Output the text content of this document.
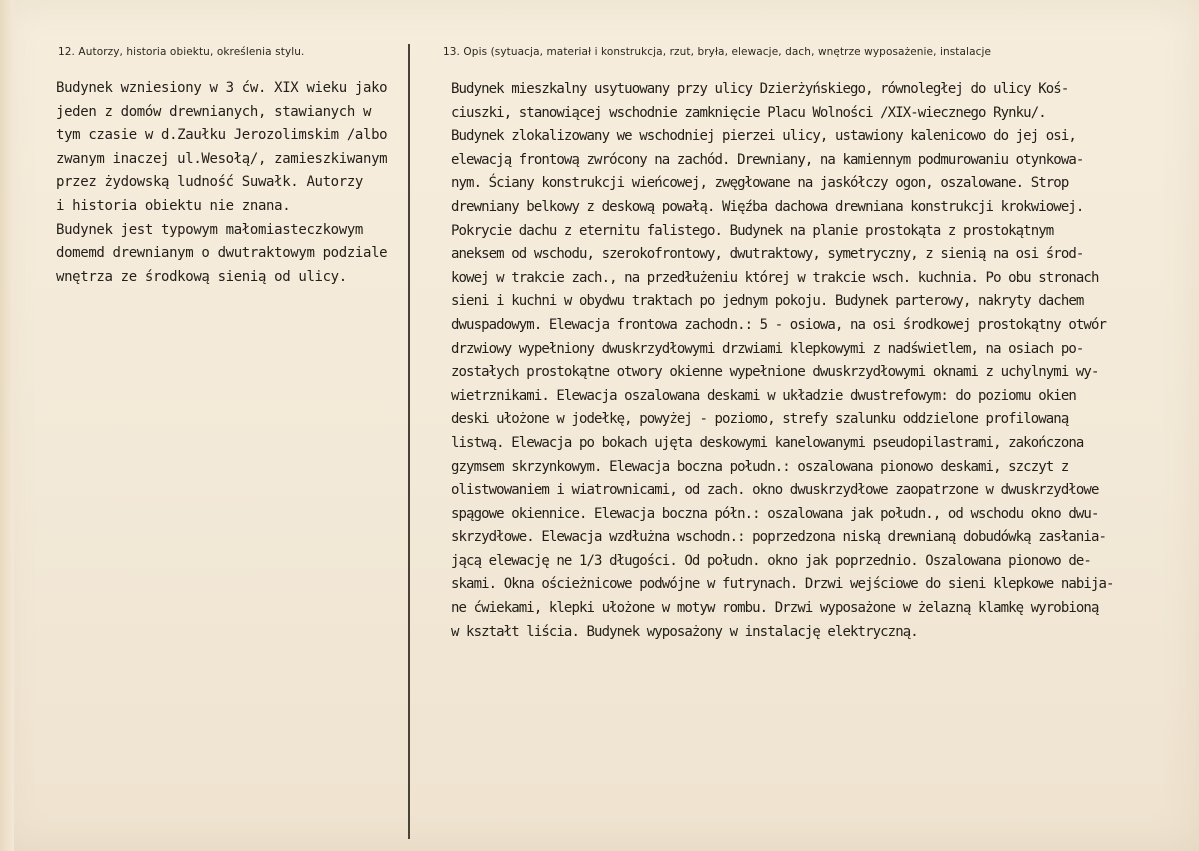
12. Autorzy, historia obiektu, określenia stylu.	13. Opis (sytuacja, materiał i konstrukcja, rzut, bryła, elewacje, dach, wnętrze wyposażenie, instalacje
Budynek wzniesiony w 3 ćw. XIX wieku jako
jeden z domów drewnianych, stawianych w
tym czasie w d.Zaułku Jerozolimskim /albo
zwanym inaczej ul.Wesołą/, zamieszkiwanym
przez żydowską ludność Suwałk. Autorzy
i historia obiektu nie znana.
Budynek jest typowym małomiasteczkowym
domemd drewnianym o dwutraktowym podziale
wnętrza ze środkową sienią od ulicy.
Budynek mieszkalny usytuowany przy ulicy Dzierżyńskiego, równoległej do ulicy Koś-
ciuszki, stanowiącej wschodnie zamknięcie Placu Wolności /XIX-wiecznego Rynku/.
Budynek zlokalizowany we wschodniej pierzei ulicy, ustawiony kalenicowo do jej osi,
elewacją frontową zwrócony na zachód. Drewniany, na kamiennym podmurowaniu otynkowa-
nym. Ściany konstrukcji wieńcowej, zwęgłowane na jaskółczy ogon, oszalowane. Strop
drewniany belkowy z deskową powałą. Więźba dachowa drewniana konstrukcji krokwiowej.
Pokrycie dachu z eternitu falistego. Budynek na planie prostokąta z prostokątnym
aneksem od wschodu, szerokofrontowy, dwutraktowy, symetryczny, z sienią na osi środ-
kowej w trakcie zach., na przedłużeniu której w trakcie wsch. kuchnia. Po obu stronach
sieni i kuchni w obydwu traktach po jednym pokoju. Budynek parterowy, nakryty dachem
dwuspadowym. Elewacja frontowa zachodn.: 5 - osiowa, na osi środkowej prostokątny otwór
drzwiowy wypełniony dwuskrzydłowymi drzwiami klepkowymi z nadświetlem, na osiach po-
zostałych prostokątne otwory okienne wypełnione dwuskrzydłowymi oknami z uchylnymi wy-
wietrznikami. Elewacja oszalowana deskami w układzie dwustrefowym: do poziomu okien
deski ułożone w jodełkę, powyżej - poziomo, strefy szalunku oddzielone profilowaną
listwą. Elewacja po bokach ujęta deskowymi kanelowanymi pseudopilastrami, zakończona
gzymsem skrzynkowym. Elewacja boczna połudn.: oszalowana pionowo deskami, szczyt z
olistwowaniem i wiatrownicami, od zach. okno dwuskrzydłowe zaopatrzone w dwuskrzydłowe
spągowe okiennice. Elewacja boczna półn.: oszalowana jak połudn., od wschodu okno dwu-
skrzydłowe. Elewacja wzdłużna wschodn.: poprzedzona niską drewnianą dobudówką zasłania-
jącą elewację ne 1/3 długości. Od połudn. okno jak poprzednio. Oszalowana pionowo de-
skami. Okna ościeżnicowe podwójne w futrynach. Drzwi wejściowe do sieni klepkowe nabija-
ne ćwiekami, klepki ułożone w motyw rombu. Drzwi wyposażone w żelazną klamkę wyrobioną
w kształt liścia. Budynek wyposażony w instalację elektryczną.
